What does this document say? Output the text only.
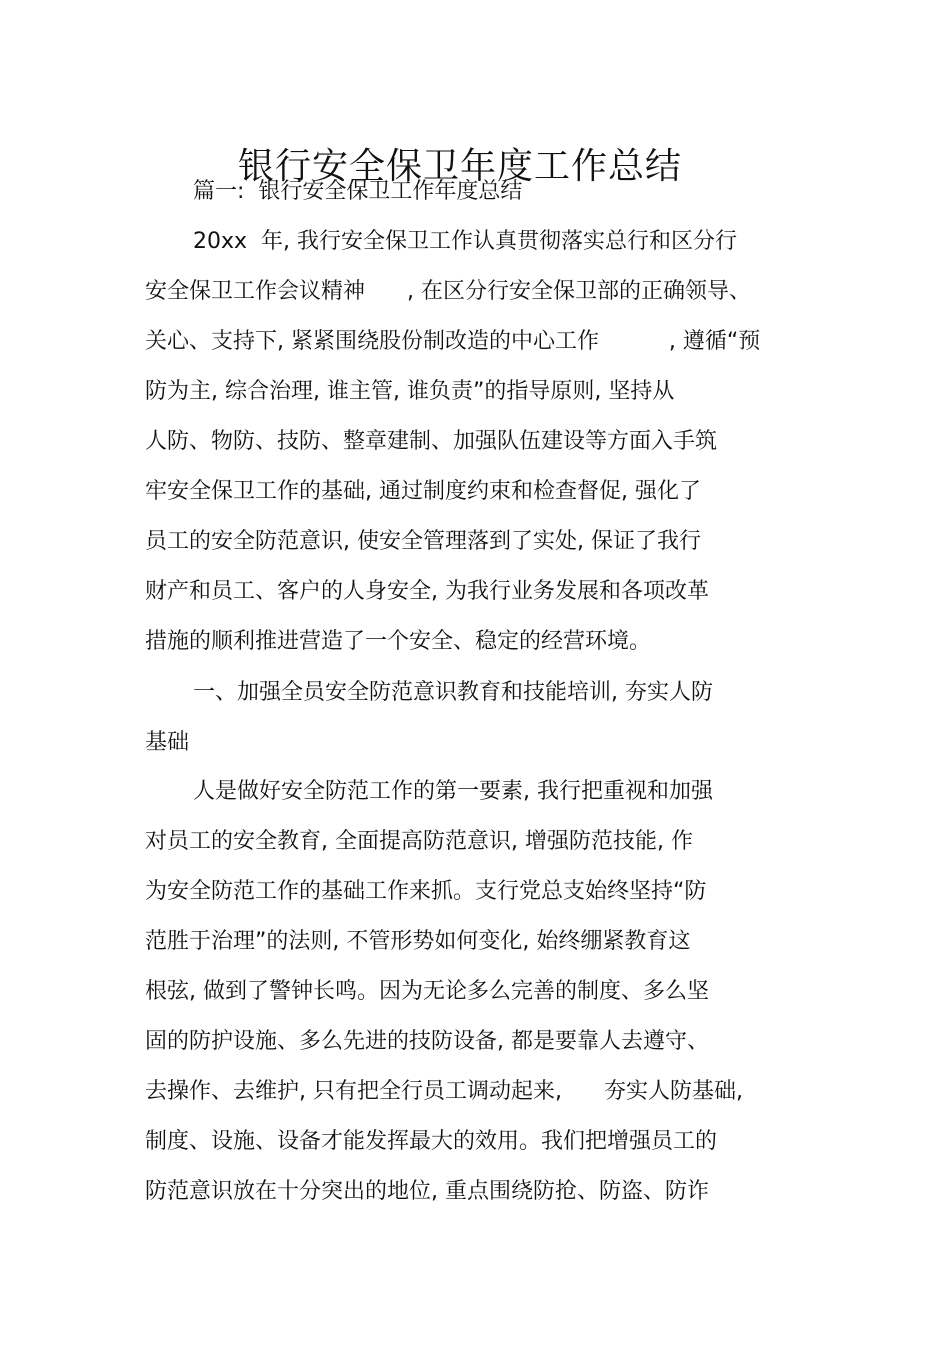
银行安全保卫年度工作总结
篇一:  银行安全保卫工作年度总结
20xx  年, 我行安全保卫工作认真贯彻落实总行和区分行
安全保卫工作会议精神      , 在区分行安全保卫部的正确领导、
关心、支持下, 紧紧围绕股份制改造的中心工作          , 遵循“预
防为主, 综合治理, 谁主管, 谁负责”的指导原则, 坚持从
人防、物防、技防、整章建制、加强队伍建设等方面入手筑
牢安全保卫工作的基础, 通过制度约束和检查督促, 强化了
员工的安全防范意识, 使安全管理落到了实处, 保证了我行
财产和员工、客户的人身安全, 为我行业务发展和各项改革
措施的顺利推进营造了一个安全、稳定的经营环境。
一、加强全员安全防范意识教育和技能培训, 夯实人防
基础
人是做好安全防范工作的第一要素, 我行把重视和加强
对员工的安全教育, 全面提高防范意识, 增强防范技能, 作
为安全防范工作的基础工作来抓。支行党总支始终坚持“防
范胜于治理”的法则, 不管形势如何变化, 始终绷紧教育这
根弦, 做到了警钟长鸣。因为无论多么完善的制度、多么坚
固的防护设施、多么先进的技防设备, 都是要靠人去遵守、
去操作、去维护, 只有把全行员工调动起来,      夯实人防基础,
制度、设施、设备才能发挥最大的效用。我们把增强员工的
防范意识放在十分突出的地位, 重点围绕防抢、防盗、防诈
